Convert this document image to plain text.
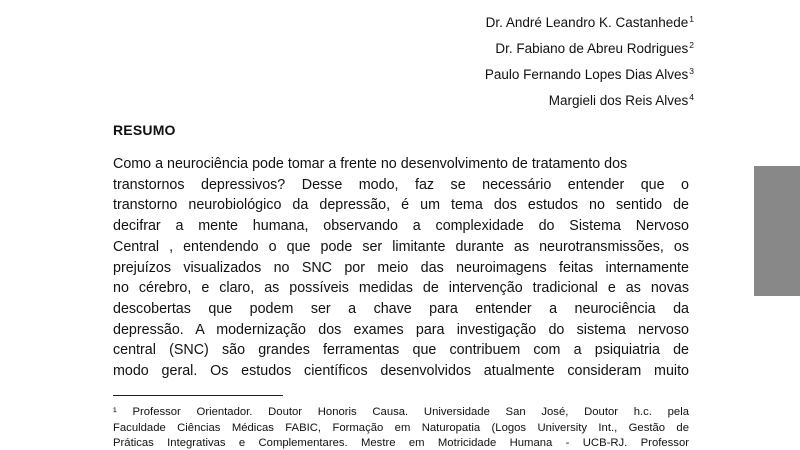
Dr. André Leandro K. Castanhede$^1$
Dr. Fabiano de Abreu Rodrigues$^2$
Paulo Fernando Lopes Dias Alves$^3$
Margieli dos Reis Alves$^4$
RESUMO
Como a neurociência pode tomar a frente no desenvolvimento de tratamento dos
transtornos depressivos? Desse modo, faz se necessário entender que o
transtorno neurobiológico da depressão, é um tema dos estudos no sentido de
decifrar a mente humana, observando a complexidade do Sistema Nervoso
Central , entendendo o que pode ser limitante durante as neurotransmissões, os
prejuízos visualizados no SNC por meio das neuroimagens feitas internamente
no cérebro, e claro, as possíveis medidas de intervenção tradicional e as novas
descobertas que podem ser a chave para entender a neurociência da
depressão. A modernização dos exames para investigação do sistema nervoso
central (SNC) são grandes ferramentas que contribuem com a psiquiatria de
modo geral. Os estudos científicos desenvolvidos atualmente consideram muito
¹ Professor Orientador. Doutor Honoris Causa. Universidade San José, Doutor h.c. pela
Faculdade Ciências Médicas FABIC, Formação em Naturopatia (Logos University Int., Gestão de
Práticas Integrativas e Complementares. Mestre em Motricidade Humana - UCB-RJ. Professor
